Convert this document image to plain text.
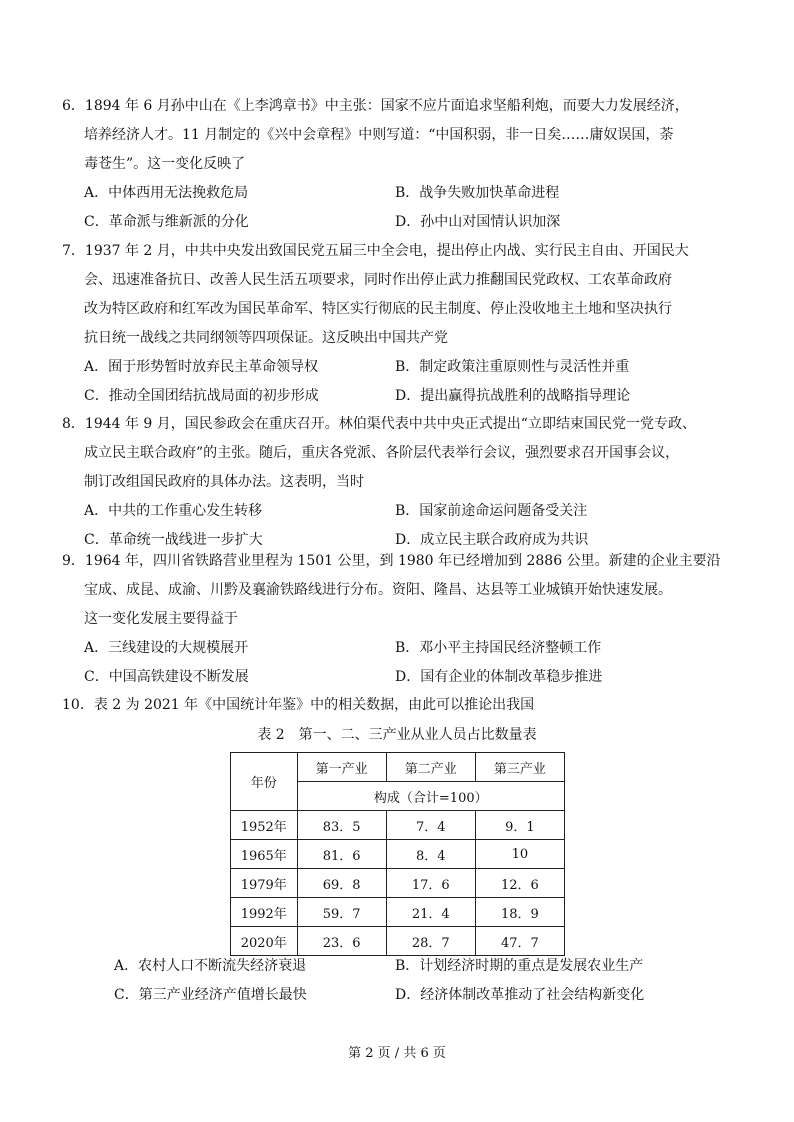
6．1894 年 6 月孙中山在《上李鸿章书》中主张：国家不应片面追求坚船利炮，而要大力发展经济，
培养经济人才。11 月制定的《兴中会章程》中则写道：“中国积弱，非一日矣……庸奴误国，荼
毒苍生”。这一变化反映了
A．中体西用无法挽救危局	B．战争失败加快革命进程
C．革命派与维新派的分化	D．孙中山对国情认识加深
7．1937 年 2 月，中共中央发出致国民党五届三中全会电，提出停止内战、实行民主自由、开国民大
会、迅速准备抗日、改善人民生活五项要求，同时作出停止武力推翻国民党政权、工农革命政府
改为特区政府和红军改为国民革命军、特区实行彻底的民主制度、停止没收地主土地和坚决执行
抗日统一战线之共同纲领等四项保证。这反映出中国共产党
A．囿于形势暂时放弃民主革命领导权	B．制定政策注重原则性与灵活性并重
C．推动全国团结抗战局面的初步形成	D．提出赢得抗战胜利的战略指导理论
8．1944 年 9 月，国民参政会在重庆召开。林伯渠代表中共中央正式提出“立即结束国民党一党专政、
成立民主联合政府”的主张。随后，重庆各党派、各阶层代表举行会议，强烈要求召开国事会议，
制订改组国民政府的具体办法。这表明，当时
A．中共的工作重心发生转移	B．国家前途命运问题备受关注
C．革命统一战线进一步扩大	D．成立民主联合政府成为共识
9．1964 年，四川省铁路营业里程为 1501 公里，到 1980 年已经增加到 2886 公里。新建的企业主要沿
宝成、成昆、成渝、川黔及襄渝铁路线进行分布。资阳、隆昌、达县等工业城镇开始快速发展。
这一变化发展主要得益于
A．三线建设的大规模展开	B．邓小平主持国民经济整顿工作
C．中国高铁建设不断发展	D．国有企业的体制改革稳步推进
10．表 2 为 2021 年《中国统计年鉴》中的相关数据，由此可以推论出我国
表 2　第一、二、三产业从业人员占比数量表
年份	第一产业	第二产业	第三产业
	构成（合计=100）		
1952年	83．5	7．4	9．1
1965年	81．6	8．4	10
1979年	69．8	17．6	12．6
1992年	59．7	21．4	18．9
2020年	23．6	28．7	47．7
A．农村人口不断流失经济衰退	B．计划经济时期的重点是发展农业生产
C．第三产业经济产值增长最快	D．经济体制改革推动了社会结构新变化
第 2 页 / 共 6 页
